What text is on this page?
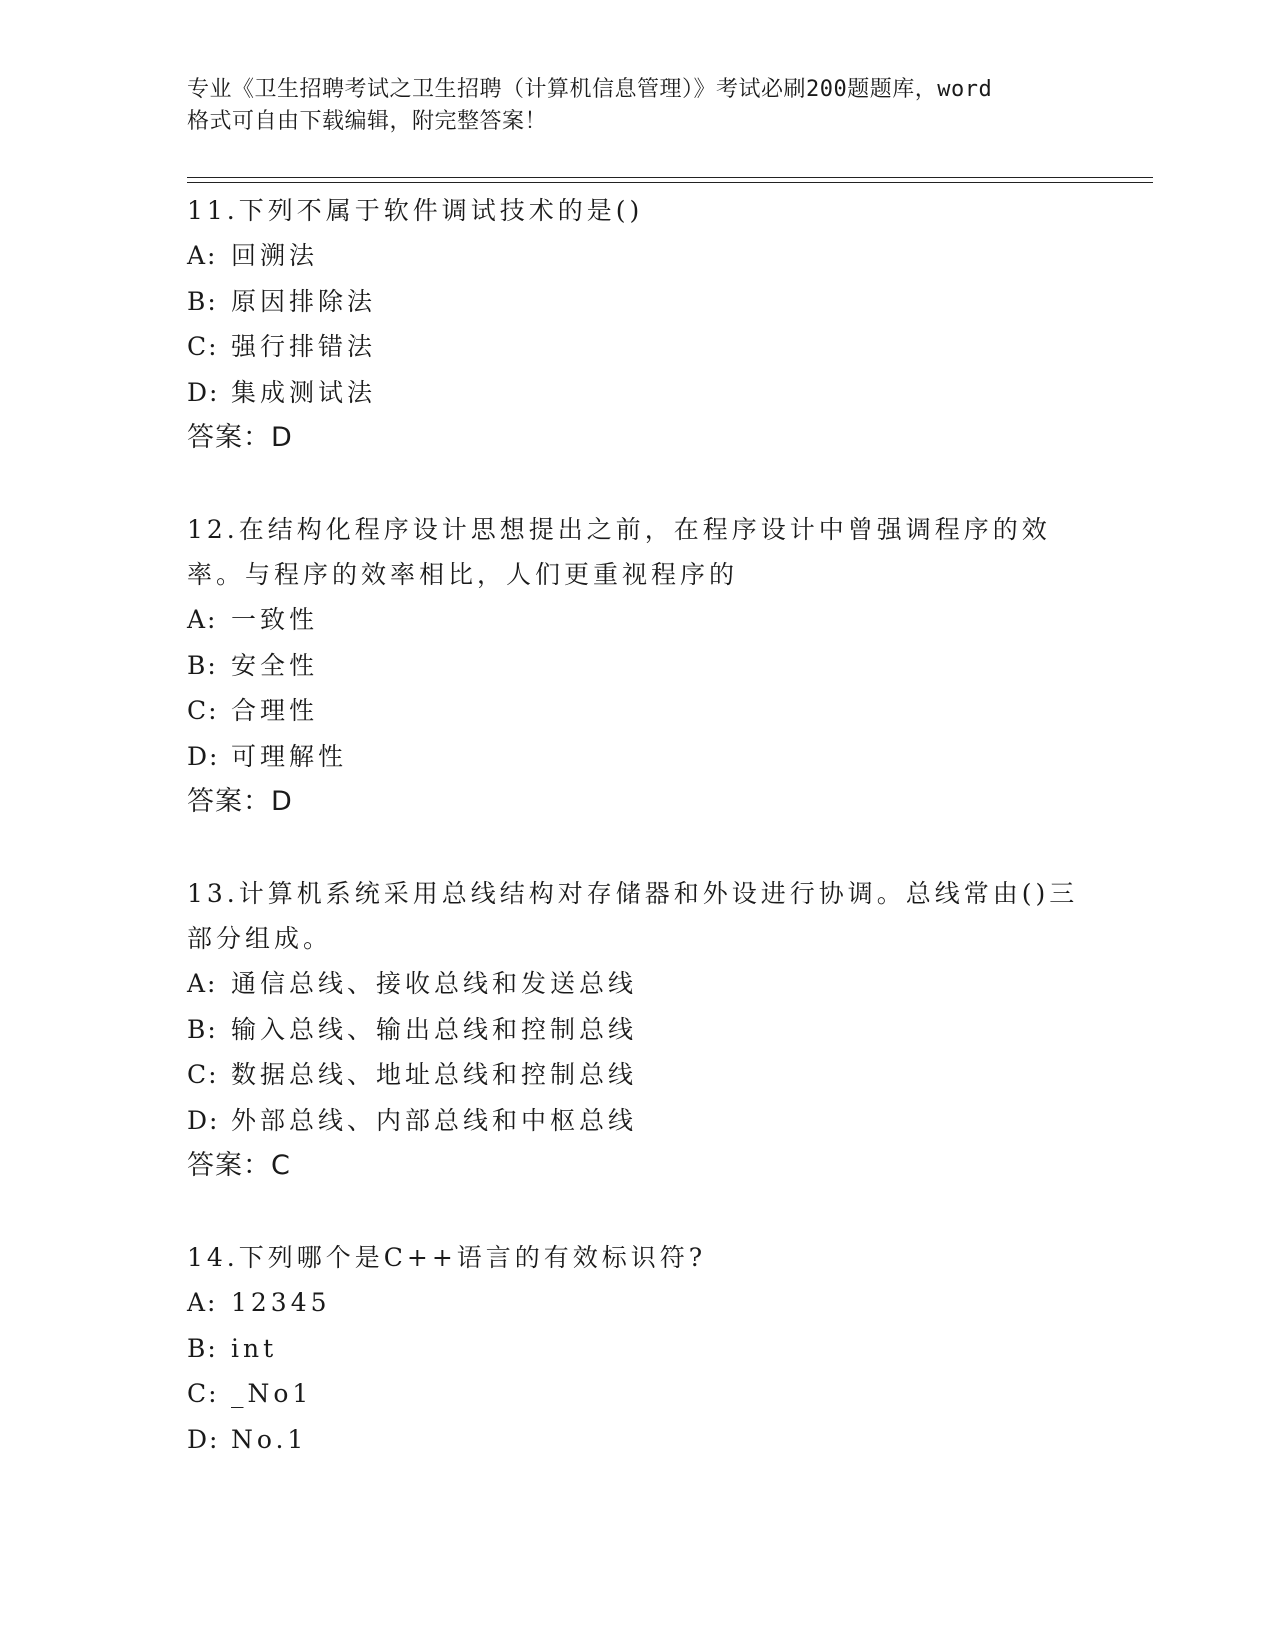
专业《卫生招聘考试之卫生招聘（计算机信息管理）》考试必刷200题题库，word
格式可自由下载编辑，附完整答案！
11.下列不属于软件调试技术的是()
A: 回溯法
B: 原因排除法
C: 强行排错法
D: 集成测试法
答案：D
12.在结构化程序设计思想提出之前，在程序设计中曾强调程序的效率。与程序的效率相比，人们更重视程序的
A: 一致性
B: 安全性
C: 合理性
D: 可理解性
答案：D
13.计算机系统采用总线结构对存储器和外设进行协调。总线常由()三部分组成。
A: 通信总线、接收总线和发送总线
B: 输入总线、输出总线和控制总线
C: 数据总线、地址总线和控制总线
D: 外部总线、内部总线和中枢总线
答案：C
14.下列哪个是C++语言的有效标识符?
A: 12345
B: int
C: _No1
D: No.1
